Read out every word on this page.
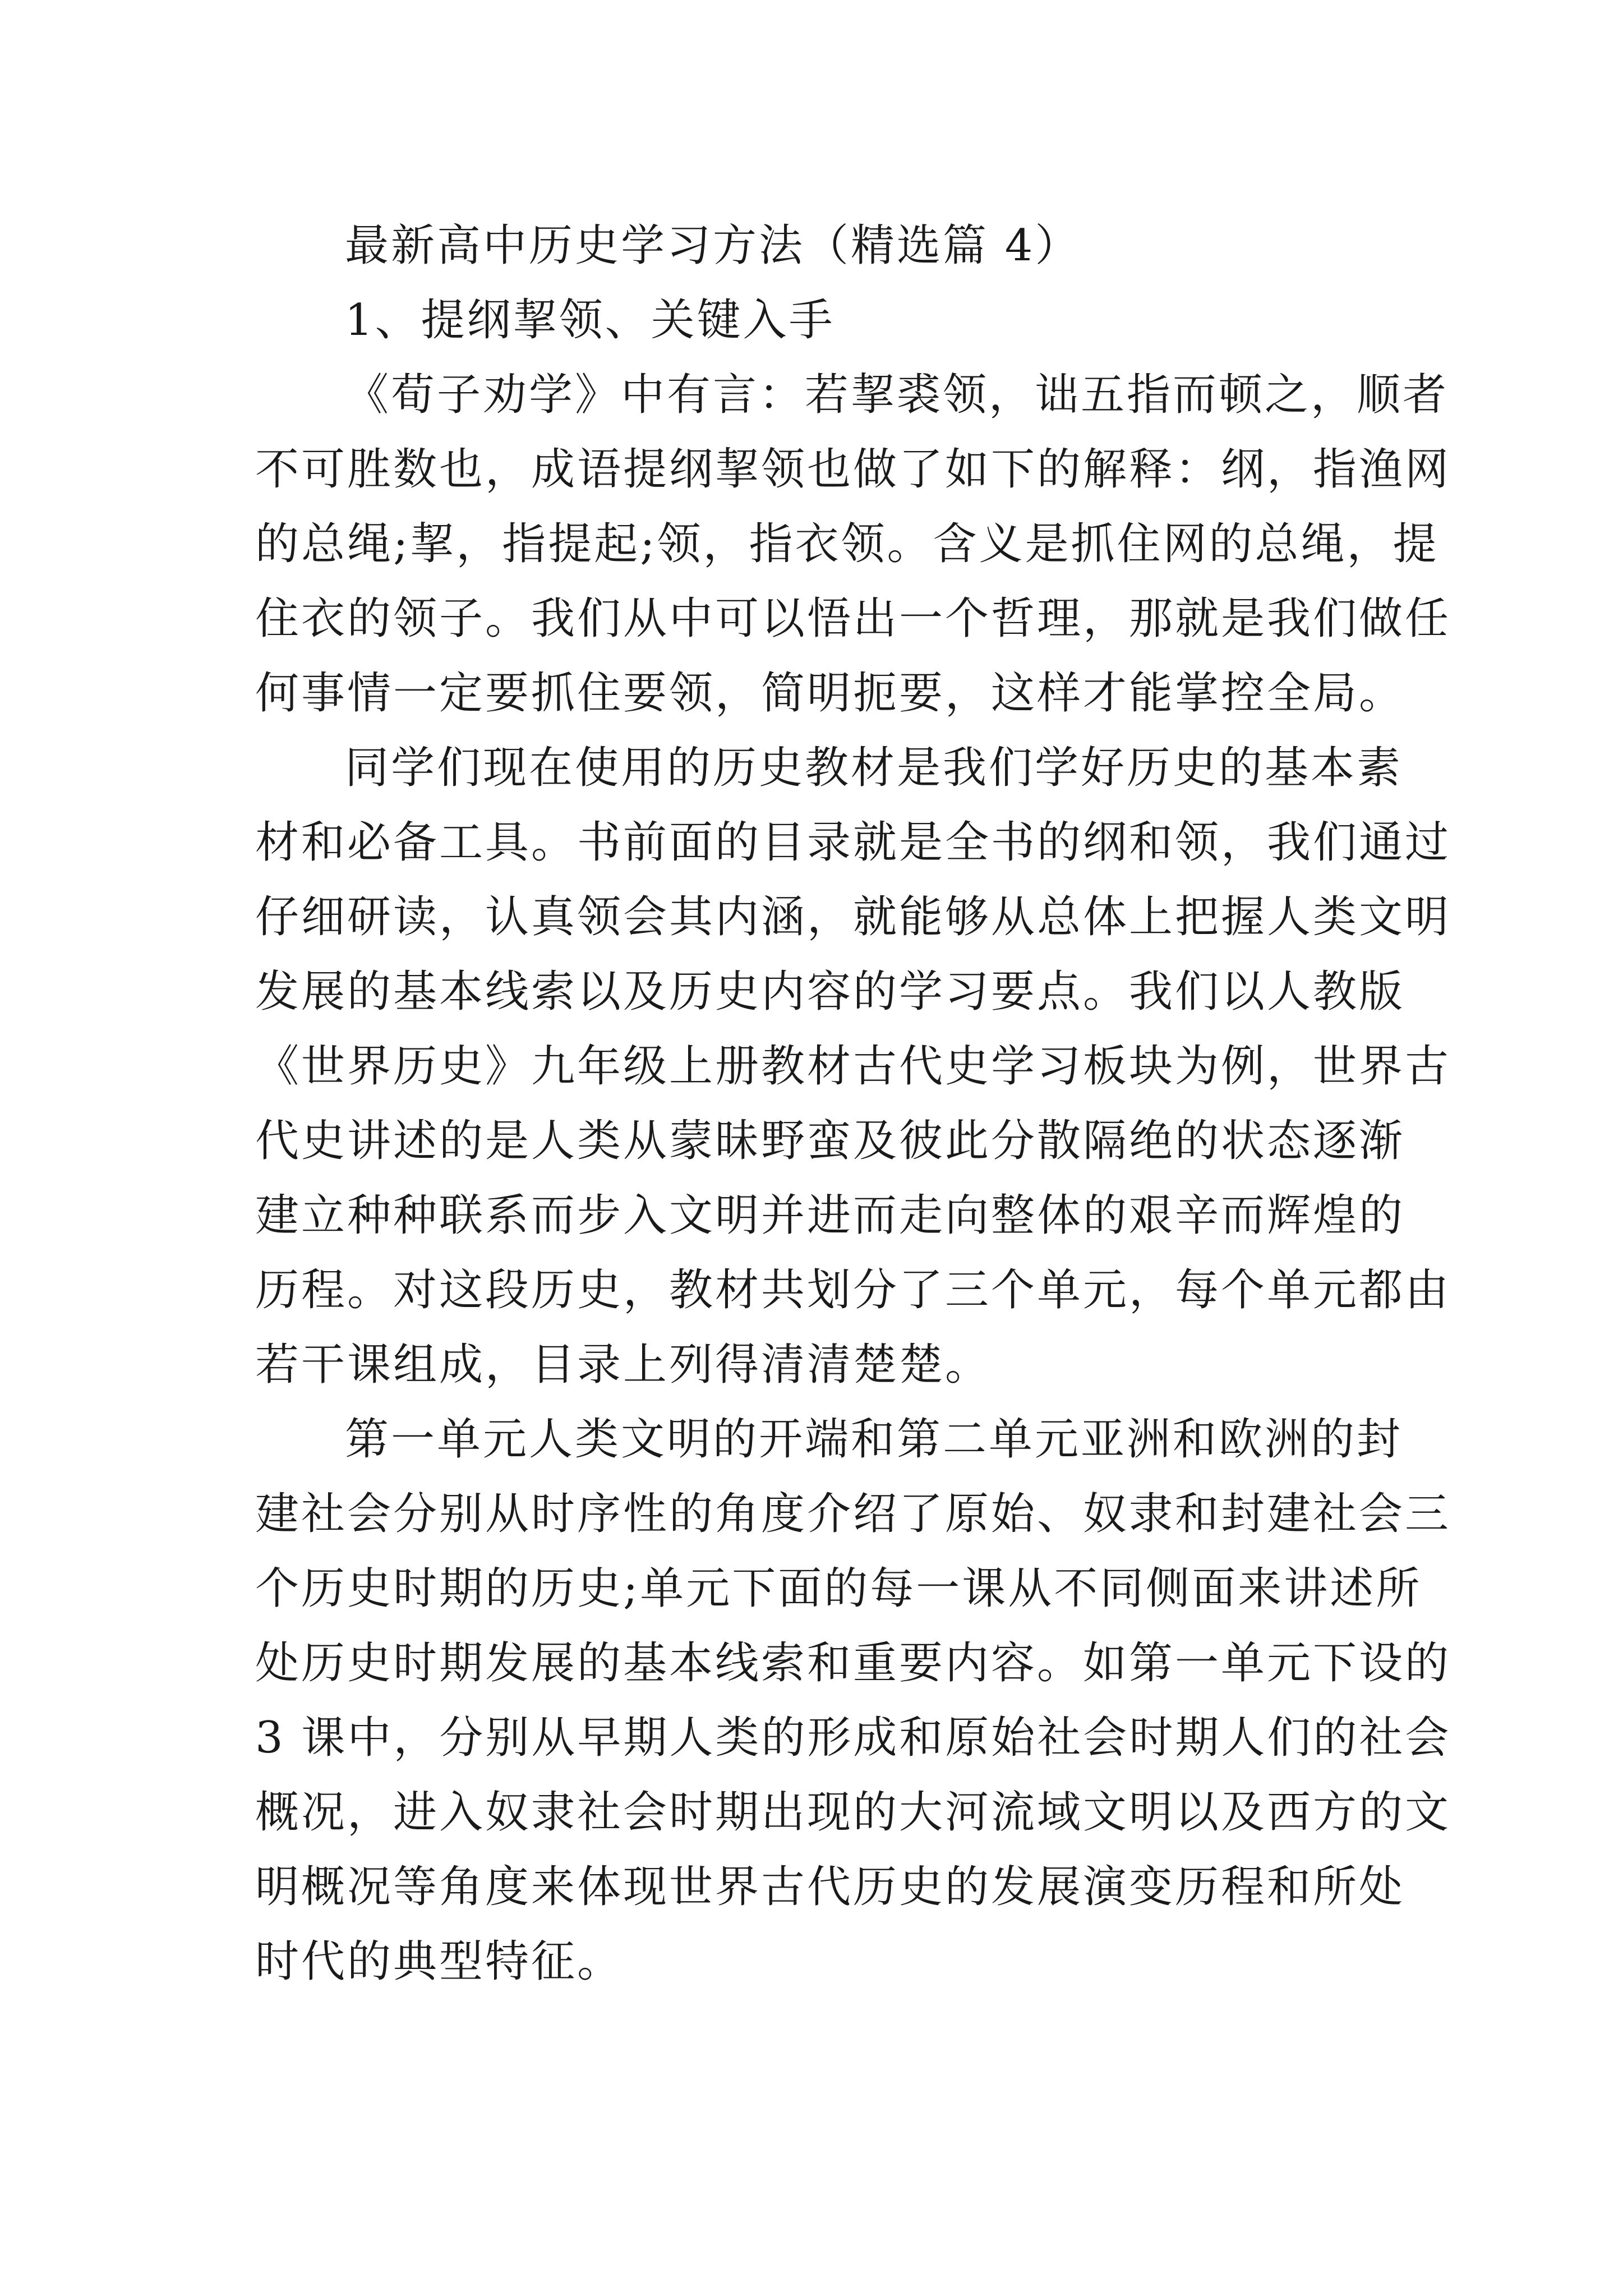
最新高中历史学习方法（精选篇 4）
1、提纲挈领、关键入手
《荀子劝学》中有言：若挈裘领，诎五指而顿之，顺者
不可胜数也，成语提纲挈领也做了如下的解释：纲，指渔网
的总绳;挈，指提起;领，指衣领。含义是抓住网的总绳，提
住衣的领子。我们从中可以悟出一个哲理，那就是我们做任
何事情一定要抓住要领，简明扼要，这样才能掌控全局。
同学们现在使用的历史教材是我们学好历史的基本素
材和必备工具。书前面的目录就是全书的纲和领，我们通过
仔细研读，认真领会其内涵，就能够从总体上把握人类文明
发展的基本线索以及历史内容的学习要点。我们以人教版
《世界历史》九年级上册教材古代史学习板块为例，世界古
代史讲述的是人类从蒙昧野蛮及彼此分散隔绝的状态逐渐
建立种种联系而步入文明并进而走向整体的艰辛而辉煌的
历程。对这段历史，教材共划分了三个单元，每个单元都由
若干课组成，目录上列得清清楚楚。
第一单元人类文明的开端和第二单元亚洲和欧洲的封
建社会分别从时序性的角度介绍了原始、奴隶和封建社会三
个历史时期的历史;单元下面的每一课从不同侧面来讲述所
处历史时期发展的基本线索和重要内容。如第一单元下设的
3 课中，分别从早期人类的形成和原始社会时期人们的社会
概况，进入奴隶社会时期出现的大河流域文明以及西方的文
明概况等角度来体现世界古代历史的发展演变历程和所处
时代的典型特征。
